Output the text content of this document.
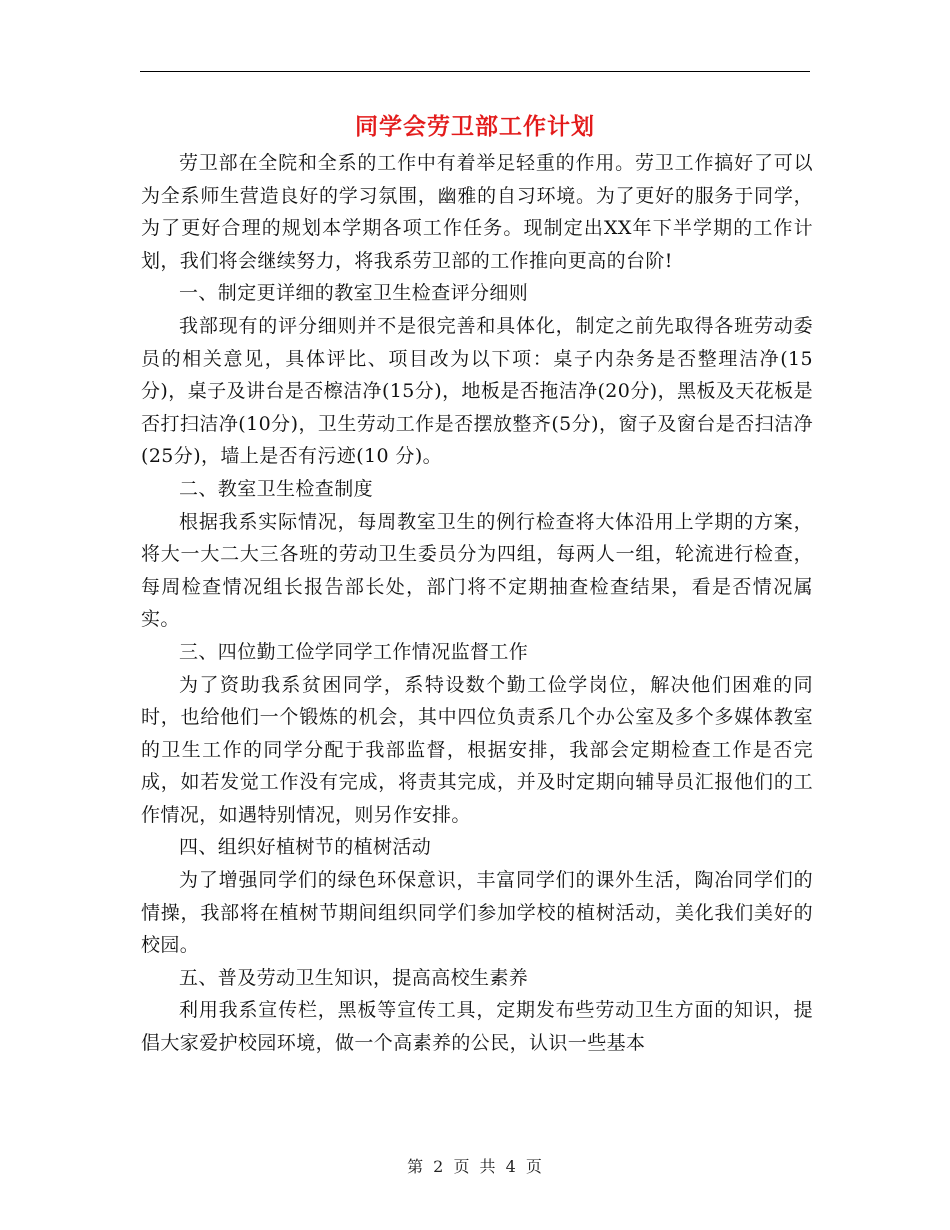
同学会劳卫部工作计划

劳卫部在全院和全系的工作中有着举足轻重的作用。劳卫工作搞好了可以为全系师生营造良好的学习氛围，幽雅的自习环境。为了更好的服务于同学，为了更好合理的规划本学期各项工作任务。现制定出XX年下半学期的工作计划，我们将会继续努力，将我系劳卫部的工作推向更高的台阶!

一、制定更详细的教室卫生检查评分细则

我部现有的评分细则并不是很完善和具体化，制定之前先取得各班劳动委员的相关意见，具体评比、项目改为以下项：桌子内杂务是否整理洁净(15分)，桌子及讲台是否檫洁净(15分)，地板是否拖洁净(20分)，黑板及天花板是否打扫洁净(10分)，卫生劳动工作是否摆放整齐(5分)，窗子及窗台是否扫洁净(25分)，墙上是否有污迹(10 分)。

二、教室卫生检查制度

根据我系实际情况，每周教室卫生的例行检查将大体沿用上学期的方案，将大一大二大三各班的劳动卫生委员分为四组，每两人一组，轮流进行检查，每周检查情况组长报告部长处，部门将不定期抽查检查结果，看是否情况属实。

三、四位勤工俭学同学工作情况监督工作

为了资助我系贫困同学，系特设数个勤工俭学岗位，解决他们困难的同时，也给他们一个锻炼的机会，其中四位负责系几个办公室及多个多媒体教室的卫生工作的同学分配于我部监督，根据安排，我部会定期检查工作是否完成，如若发觉工作没有完成，将责其完成，并及时定期向辅导员汇报他们的工作情况，如遇特别情况，则另作安排。

四、组织好植树节的植树活动

为了增强同学们的绿色环保意识，丰富同学们的课外生活，陶冶同学们的情操，我部将在植树节期间组织同学们参加学校的植树活动，美化我们美好的校园。

五、普及劳动卫生知识，提高高校生素养

利用我系宣传栏，黑板等宣传工具，定期发布些劳动卫生方面的知识，提倡大家爱护校园环境，做一个高素养的公民，认识一些基本

第 2 页 共 4 页
